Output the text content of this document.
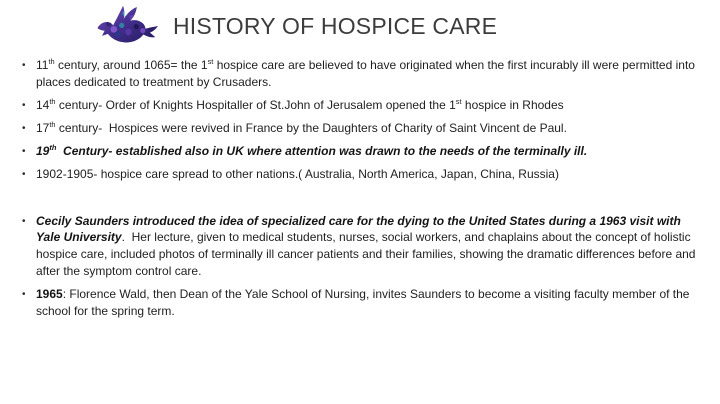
HISTORY OF HOSPICE CARE
• 11th century, around 1065= the 1st hospice care are believed to have originated when the first incurably ill were permitted into places dedicated to treatment by Crusaders.
• 14th century- Order of Knights Hospitaller of St.John of Jerusalem opened the 1st hospice in Rhodes
• 17th century-  Hospices were revived in France by the Daughters of Charity of Saint Vincent de Paul.
• 19th  Century- established also in UK where attention was drawn to the needs of the terminally ill.
• 1902-1905- hospice care spread to other nations.( Australia, North America, Japan, China, Russia)
• Cecily Saunders introduced the idea of specialized care for the dying to the United States during a 1963 visit with Yale University.  Her lecture, given to medical students, nurses, social workers, and chaplains about the concept of holistic hospice care, included photos of terminally ill cancer patients and their families, showing the dramatic differences before and after the symptom control care.
• 1965: Florence Wald, then Dean of the Yale School of Nursing, invites Saunders to become a visiting faculty member of the school for the spring term.
